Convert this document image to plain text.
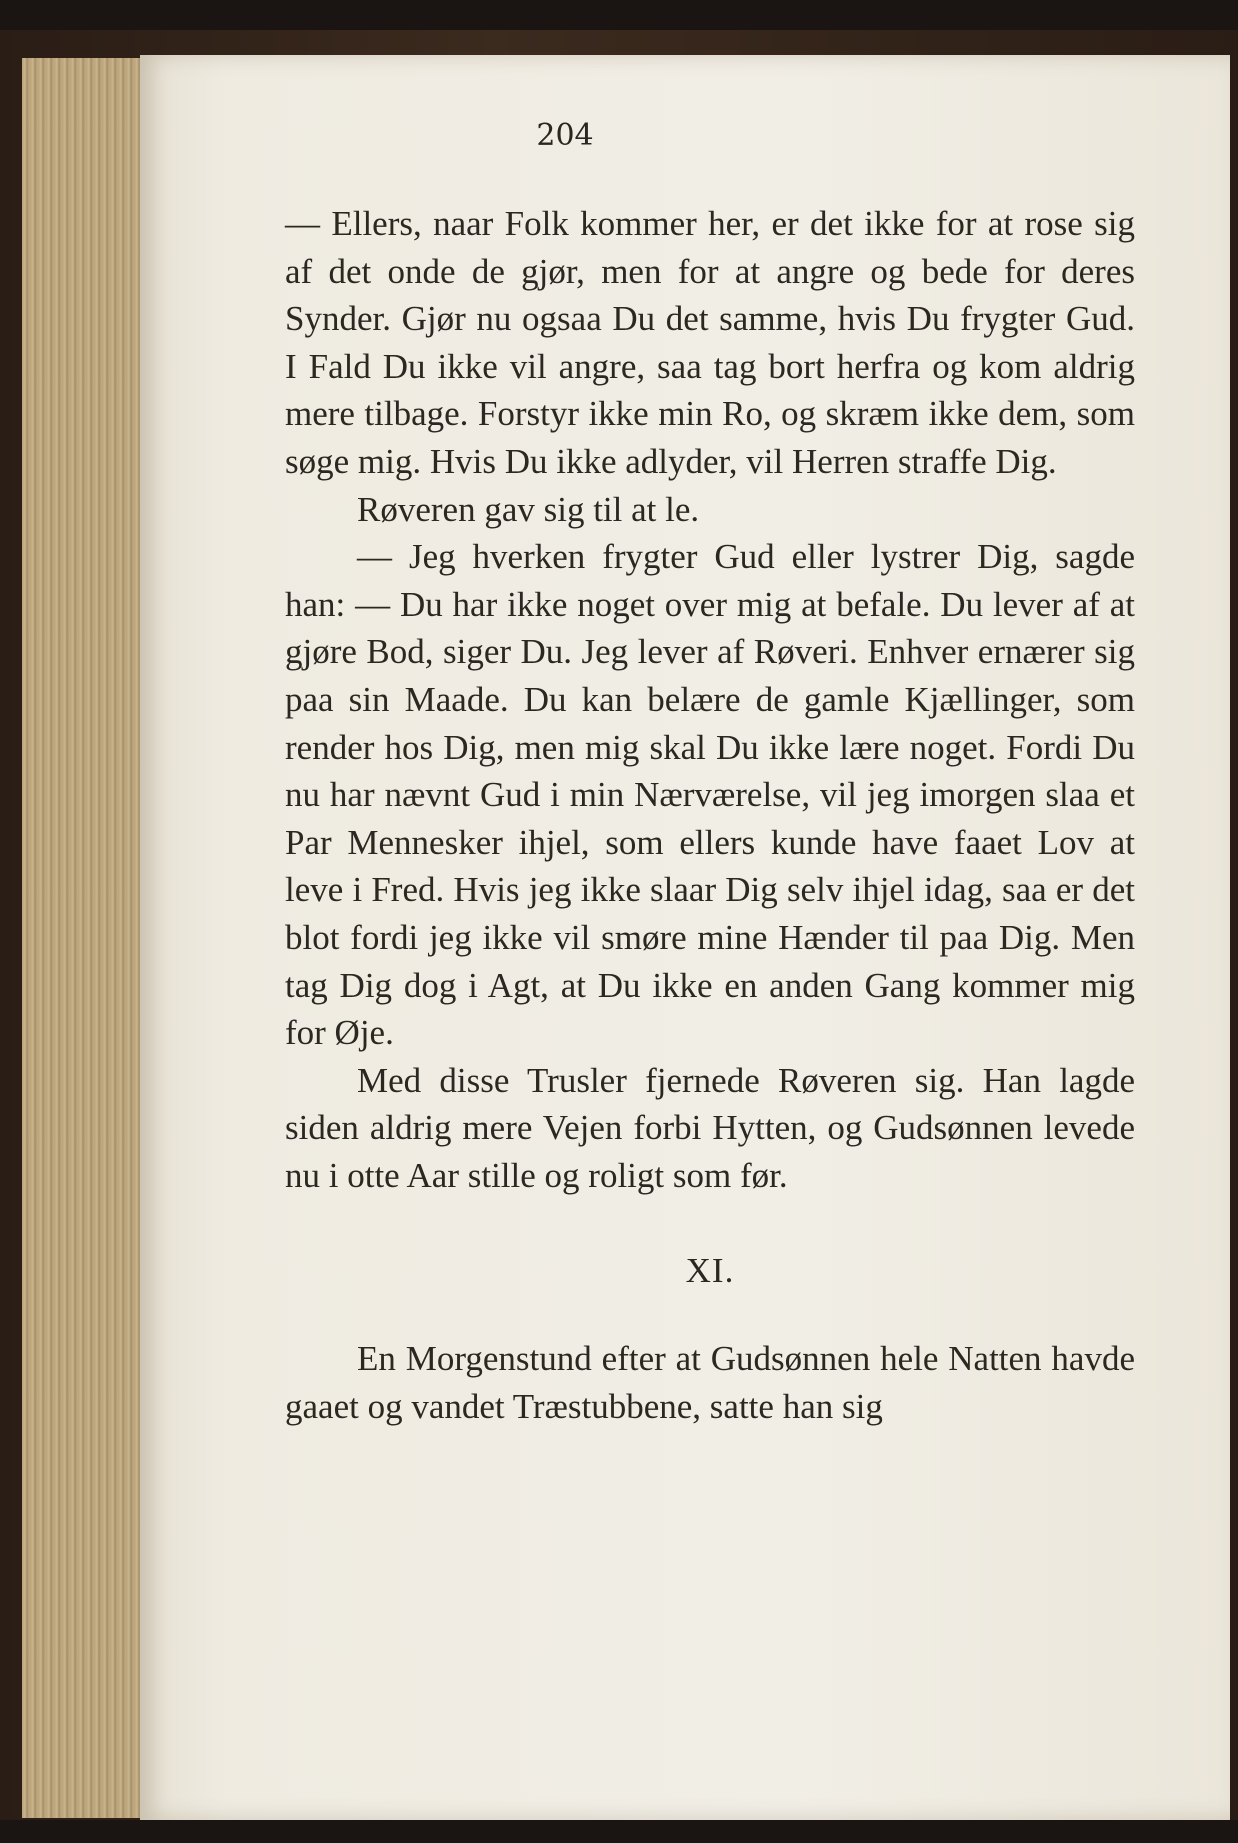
204

— Ellers, naar Folk kommer her, er det ikke for at rose sig af det onde de gjør, men for at angre og bede for deres Synder. Gjør nu ogsaa Du det samme, hvis Du frygter Gud. I Fald Du ikke vil angre, saa tag bort herfra og kom aldrig mere tilbage. Forstyr ikke min Ro, og skræm ikke dem, som søge mig. Hvis Du ikke adlyder, vil Herren straffe Dig.

Røveren gav sig til at le.

— Jeg hverken frygter Gud eller lystrer Dig, sagde han: — Du har ikke noget over mig at befale. Du lever af at gjøre Bod, siger Du. Jeg lever af Røveri. Enhver ernærer sig paa sin Maade. Du kan belære de gamle Kjællinger, som render hos Dig, men mig skal Du ikke lære noget. Fordi Du nu har nævnt Gud i min Nærværelse, vil jeg imorgen slaa et Par Mennesker ihjel, som ellers kunde have faaet Lov at leve i Fred. Hvis jeg ikke slaar Dig selv ihjel idag, saa er det blot fordi jeg ikke vil smøre mine Hænder til paa Dig. Men tag Dig dog i Agt, at Du ikke en anden Gang kommer mig for Øje.

Med disse Trusler fjernede Røveren sig. Han lagde siden aldrig mere Vejen forbi Hytten, og Gudsønnen levede nu i otte Aar stille og roligt som før.

XI.

En Morgenstund efter at Gudsønnen hele Natten havde gaaet og vandet Træstubbene, satte han sig
